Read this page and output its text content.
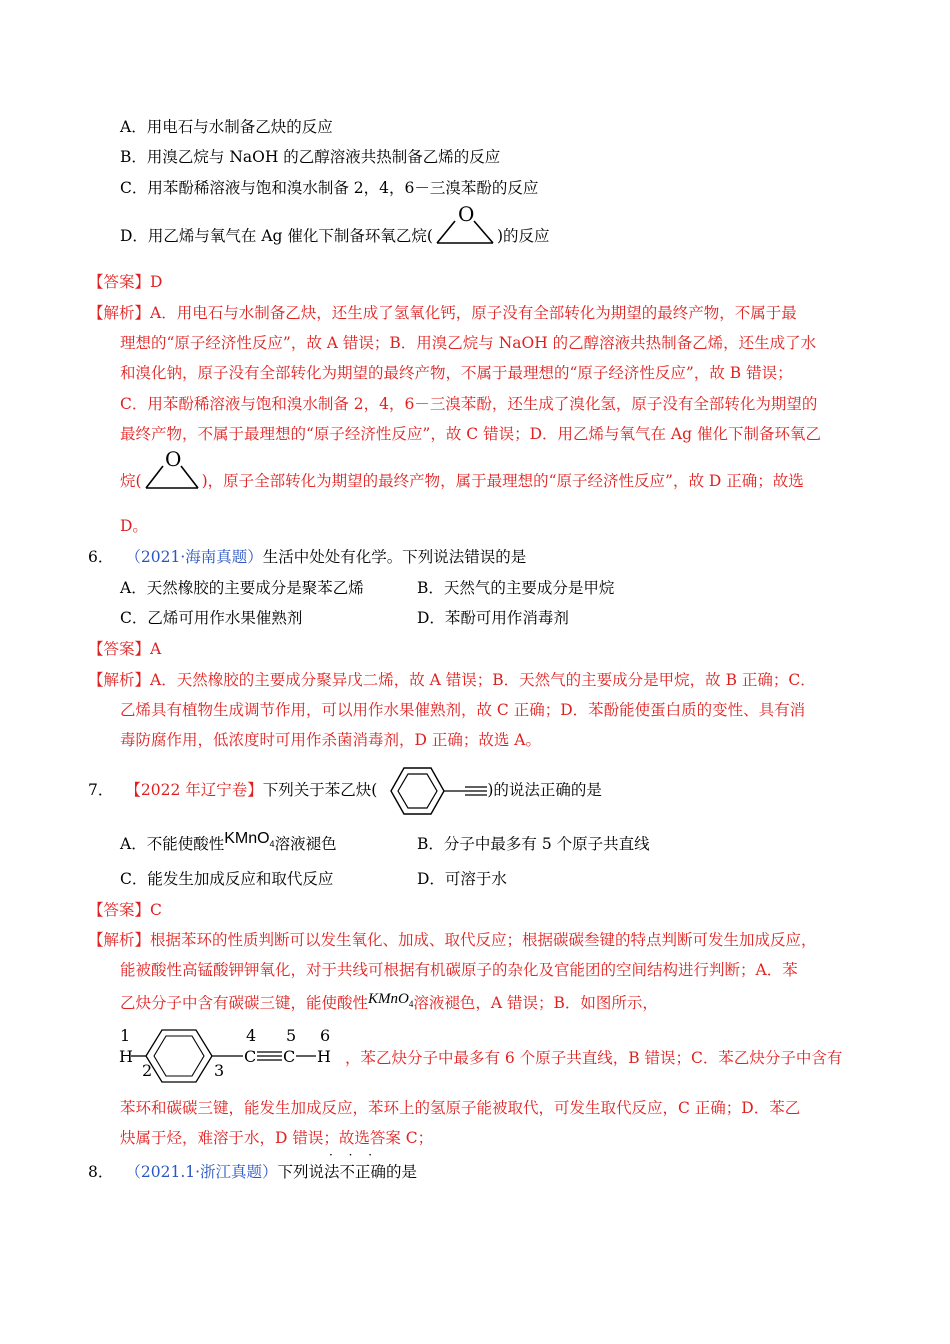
A．用电石与水制备乙炔的反应
B．用溴乙烷与 NaOH 的乙醇溶液共热制备乙烯的反应
C．用苯酚稀溶液与饱和溴水制备 2，4，6－三溴苯酚的反应
D．用乙烯与氧气在 Ag 催化下制备环氧乙烷(
O
)的反应
【答案】D
【解析】A．用电石与水制备乙炔，还生成了氢氧化钙，原子没有全部转化为期望的最终产物，不属于最
理想的“原子经济性反应”，故 A 错误；B．用溴乙烷与 NaOH 的乙醇溶液共热制备乙烯，还生成了水
和溴化钠，原子没有全部转化为期望的最终产物，不属于最理想的“原子经济性反应”，故 B 错误；
C．用苯酚稀溶液与饱和溴水制备 2，4，6－三溴苯酚，还生成了溴化氢，原子没有全部转化为期望的
最终产物，不属于最理想的“原子经济性反应”，故 C 错误；D．用乙烯与氧气在 Ag 催化下制备环氧乙
烷(
O
)，原子全部转化为期望的最终产物，属于最理想的“原子经济性反应”，故 D 正确；故选
D。
6． （2021·海南真题）生活中处处有化学。下列说法错误的是
A．天然橡胶的主要成分是聚苯乙烯	B．天然气的主要成分是甲烷
C．乙烯可用作水果催熟剂	D．苯酚可用作消毒剂
【答案】A
【解析】A．天然橡胶的主要成分聚异戊二烯，故 A 错误；B．天然气的主要成分是甲烷，故 B 正确；C．
乙烯具有植物生成调节作用，可以用作水果催熟剂，故 C 正确；D．苯酚能使蛋白质的变性、具有消
毒防腐作用，低浓度时可用作杀菌消毒剂，D 正确；故选 A。
7． 【2022 年辽宁卷】下列关于苯乙炔(	)的说法正确的是
A．不能使酸性KMnO$_4$溶液褪色	B．分子中最多有 5 个原子共直线
C．能发生加成反应和取代反应	D．可溶于水
【答案】C
【解析】根据苯环的性质判断可以发生氧化、加成、取代反应；根据碳碳叁键的特点判断可发生加成反应，
能被酸性高锰酸钾钾氧化，对于共线可根据有机碳原子的杂化及官能团的空间结构进行判断；A．苯
乙炔分子中含有碳碳三键，能使酸性KMnO$_4$溶液褪色，A 错误；B．如图所示，
1
H
2	3
4
C C
5 6
H ，苯乙炔分子中最多有 6 个原子共直线，B 错误；C．苯乙炔分子中含有
苯环和碳碳三键，能发生加成反应，苯环上的氢原子能被取代，可发生取代反应，C 正确；D．苯乙
炔属于烃，难溶于水，D 错误；故选答案 C；
· · ·
8． （2021.1·浙江真题）下列说法不正确的是
